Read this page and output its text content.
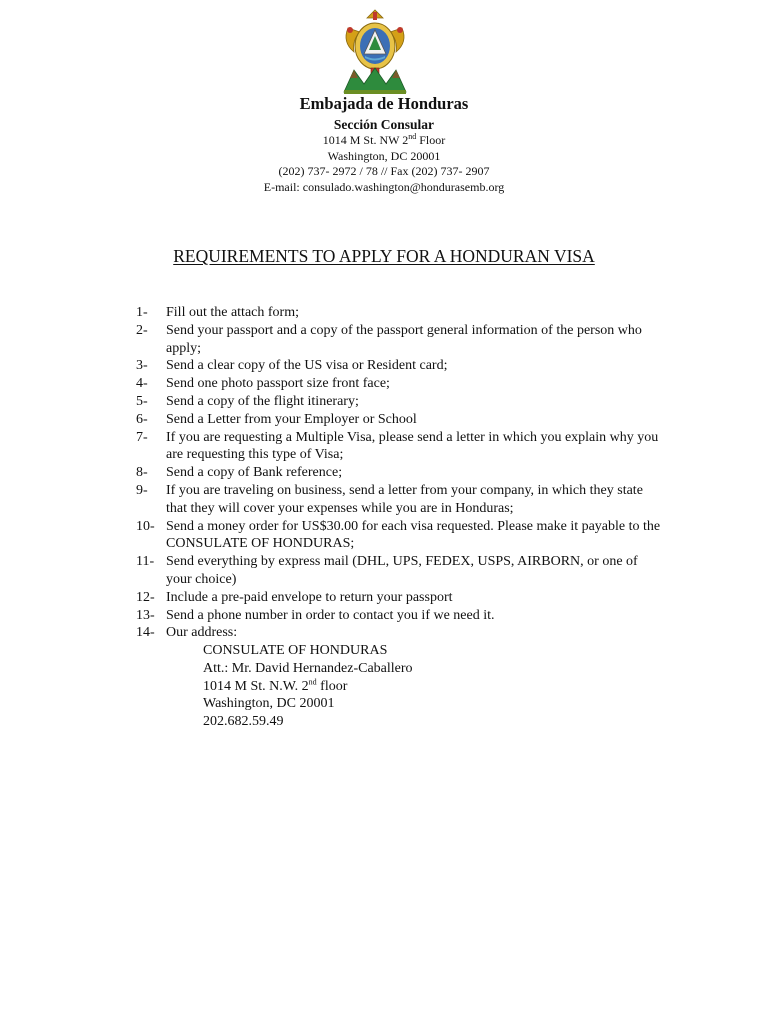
Embajada de Honduras
Sección Consular
1014 M St. NW 2nd Floor
Washington, DC 20001
(202) 737- 2972 / 78 // Fax (202) 737- 2907
E-mail: consulado.washington@hondurasemb.org
REQUIREMENTS TO APPLY FOR A HONDURAN VISA
1-	Fill out the attach form;
2-	Send your passport and a copy of the passport general information of the person who apply;
3-	Send a clear copy of the US visa or Resident card;
4-	Send one photo passport size front face;
5-	Send a copy of the flight itinerary;
6-	Send a Letter from your Employer or School
7-	If you are requesting a Multiple Visa, please send a letter in which you explain why you are requesting this type of Visa;
8-	Send a copy of Bank reference;
9-	If you are traveling on business, send a letter from your company, in which they state that they will cover your expenses while you are in Honduras;
10- Send a money order for US$30.00 for each visa requested. Please make it payable to the CONSULATE OF HONDURAS;
11- Send everything by express mail (DHL, UPS, FEDEX, USPS, AIRBORN, or one of your choice)
12- Include a pre-paid envelope to return your passport
13- Send a phone number in order to contact you if we need it.
14- Our address:
CONSULATE OF HONDURAS
Att.: Mr. David Hernandez-Caballero
1014 M St. N.W. 2nd floor
Washington, DC 20001
202.682.59.49
